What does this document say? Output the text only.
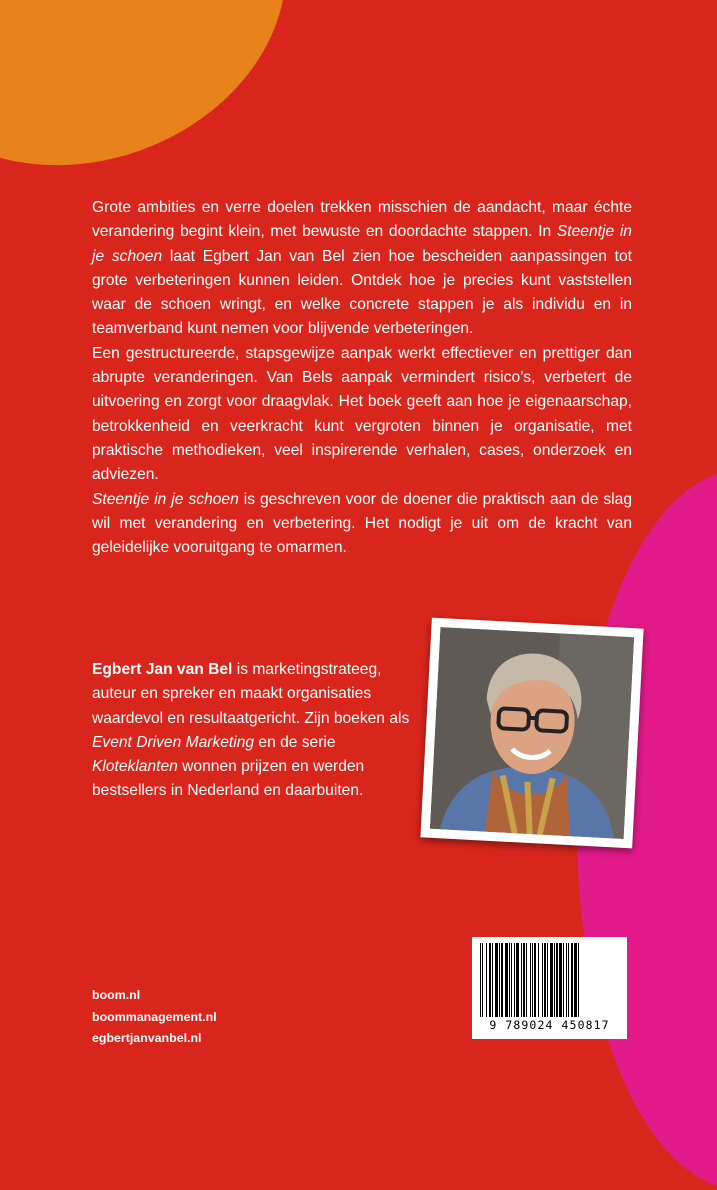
Grote ambities en verre doelen trekken misschien de aandacht, maar échte verandering begint klein, met bewuste en doordachte stappen. In Steentje in je schoen laat Egbert Jan van Bel zien hoe bescheiden aanpassingen tot grote verbeteringen kunnen leiden. Ontdek hoe je precies kunt vaststellen waar de schoen wringt, en welke concrete stappen je als individu en in teamverband kunt nemen voor blijvende verbeteringen.

Een gestructureerde, stapsgewijze aanpak werkt effectiever en prettiger dan abrupte veranderingen. Van Bels aanpak vermindert risico’s, verbetert de uitvoering en zorgt voor draagvlak. Het boek geeft aan hoe je eigenaarschap, betrokkenheid en veerkracht kunt vergroten binnen je organisatie, met praktische methodieken, veel inspirerende verhalen, cases, onderzoek en adviezen.

Steentje in je schoen is geschreven voor de doener die praktisch aan de slag wil met verandering en verbetering. Het nodigt je uit om de kracht van geleidelijke vooruitgang te omarmen.

Egbert Jan van Bel is marketingstrateeg, auteur en spreker en maakt organisaties waardevol en resultaatgericht. Zijn boeken als Event Driven Marketing en de serie Kloteklanten wonnen prijzen en werden bestsellers in Nederland en daarbuiten.
boom.nl
boommanagement.nl
egbertjanvanbel.nl
9 789024 450817
